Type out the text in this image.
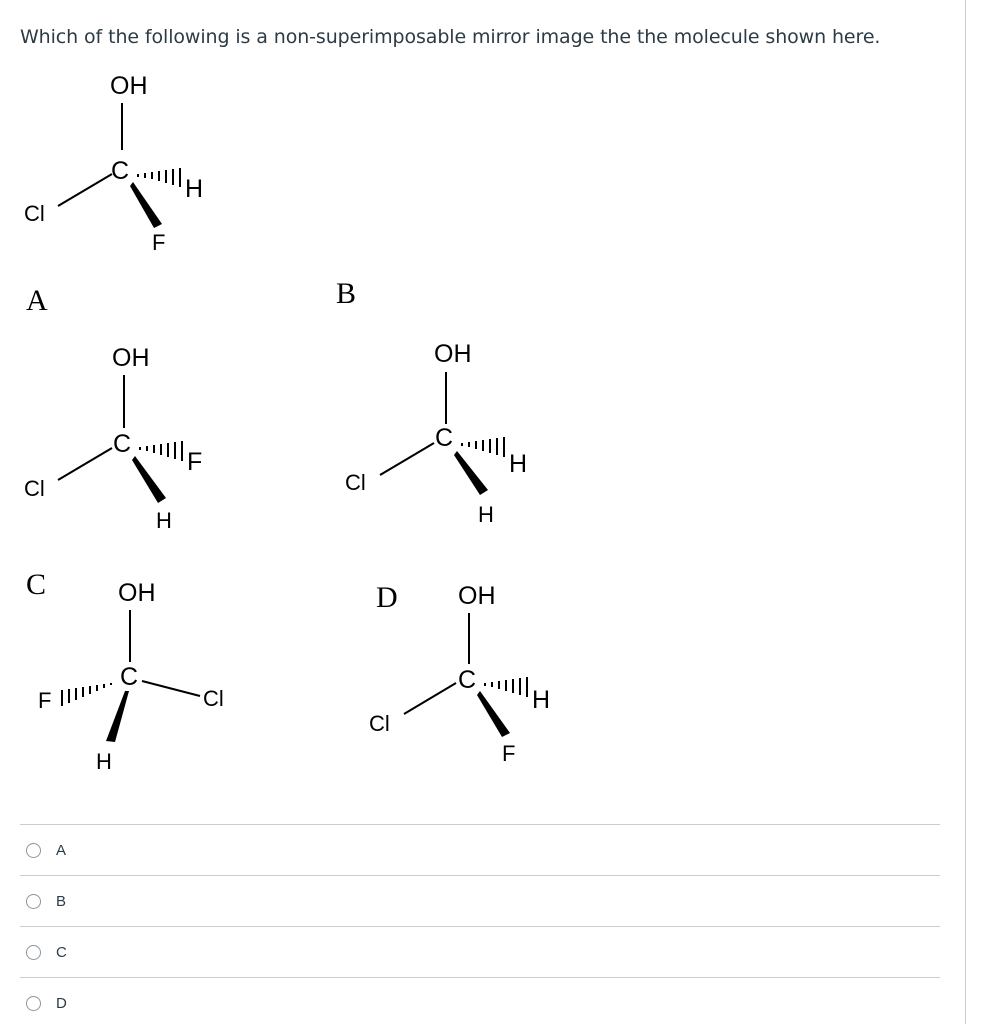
Which of the following is a non-superimposable mirror image the the molecule shown here.
OH
C
Cl
H
F
A
OH
C
Cl
F
H
B
OH
C
Cl
H
H
C	OH
C
Cl
F
H
D OH
C
Cl
H
F
A
B
C
D
